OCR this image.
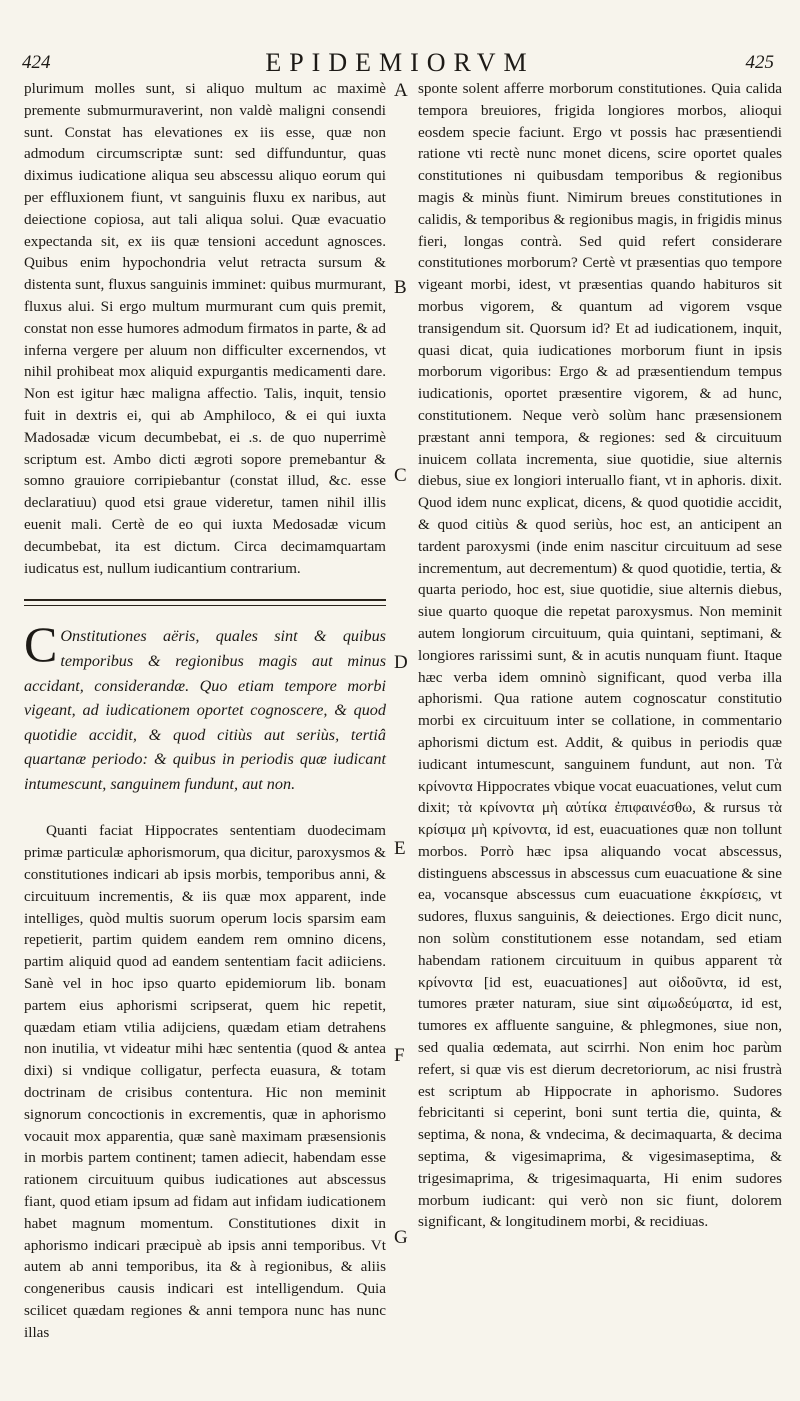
424	EPIDEMIORVM	425

plurimum molles sunt, si aliquo multum ac maximè premente submurmuraverint, non valdè maligni consendi sunt. Constat has elevationes ex iis esse, quæ non admodum circumscriptæ sunt: sed diffunduntur, quas diximus iudicatione aliqua seu abscessu aliquo eorum qui per effluxionem fiunt, vt sanguinis fluxu ex naribus, aut deiectione copiosa, aut tali aliqua solui. Quæ evacuatio expectanda sit, ex iis quæ tensioni accedunt agnosces. Quibus enim hypochondria velut retracta sursum & distenta sunt, fluxus sanguinis imminet: quibus murmurant, fluxus alui. Si ergo multum murmurant cum quis premit, constat non esse humores admodum firmatos in parte, & ad inferna vergere per aluum non difficulter excernendos, vt nihil prohibeat mox aliquid expurgantis medicamenti dare. Non est igitur hæc maligna affectio. Talis, inquit, tensio fuit in dextris ei, qui ab Amphiloco, & ei qui iuxta Madosadæ vicum decumbebat, ei .s. de quo nuperrimè scriptum est. Ambo dicti ægroti sopore premebantur & somno grauiore corripiebantur (constat illud, &c. esse declaratiuu) quod etsi graue videretur, tamen nihil illis euenit mali. Certè de eo qui iuxta Medosadæ vicum decumbebat, ita est dictum. Circa decimamquartam iudicatus est, nullum iudicantium contrarium.

C Onstitutiones aëris, quales sint & quibus temporibus & regionibus magis aut minus accidant, considerandæ. Quo etiam tempore morbi vigeant, ad iudicationem oportet cognoscere, & quod quotidie accidit, & quod citiùs aut seriùs, tertiâ quartanæ periodo: & quibus in periodis quæ iudicant intumescunt, sanguinem fundunt, aut non.

Quanti faciat Hippocrates sententiam duodecimam primæ particulæ aphorismorum, qua dicitur, paroxysmos & constitutiones indicari ab ipsis morbis, temporibus anni, & circuituum incrementis, & iis quæ mox apparent, inde intelliges, quòd multis suorum operum locis sparsim eam repetierit, partim quidem eandem rem omnino dicens, partim aliquid quod ad eandem sententiam facit adiiciens. Sanè vel in hoc ipso quarto epidemiorum lib. bonam partem eius aphorismi scripserat, quem hic repetit, quædam etiam vtilia adijciens, quædam etiam detrahens non inutilia, vt videatur mihi hæc sententia (quod & antea dixi) si vndique colligatur, perfecta euasura, & totam doctrinam de crisibus contentura. Hic non meminit signorum concoctionis in excrementis, quæ in aphorismo vocauit mox apparentia, quæ sanè maximam præsensionis in morbis partem continent; tamen adiecit, habendam esse rationem circuituum quibus iudicationes aut abscessus fiant, quod etiam ipsum ad fidam aut infidam iudicationem habet magnum momentum. Constitutiones dixit in aphorismo indicari præcipuè ab ipsis anni temporibus. Vt autem ab anni temporibus, ita & à regionibus, & aliis congeneribus causis indicari est intelligendum. Quia scilicet quædam regiones & anni tempora nunc has nunc illas

sponte solent afferre morborum constitutiones. Quia calida tempora breuiores, frigida longiores morbos, alioqui eosdem specie faciunt. Ergo vt possis hac præsentiendi ratione vti rectè nunc monet dicens, scire oportet quales constitutiones ni quibusdam temporibus & regionibus magis & minùs fiunt. Nimirum breues constitutiones in calidis, & temporibus & regionibus magis, in frigidis minus fieri, longas contrà. Sed quid refert considerare constitutiones morborum? Certè vt præsentias quo tempore vigeant morbi, idest, vt præsentias quando habituros sit morbus vigorem, & quantum ad vigorem vsque transigendum sit. Quorsum id? Et ad iudicationem, inquit, quasi dicat, quia iudicationes morborum fiunt in ipsis morborum vigoribus: Ergo & ad præsentiendum tempus iudicationis, oportet præsentire vigorem, & ad hunc, constitutionem. Neque verò solùm hanc præsensionem præstant anni tempora, & regiones: sed & circuituum inuicem collata incrementa, siue quotidie, siue alternis diebus, siue ex longiori interuallo fiant, vt in aphoris. dixit. Quod idem nunc explicat, dicens, & quod quotidie accidit, & quod citiùs & quod seriùs, hoc est, an anticipent an tardent paroxysmi (inde enim nascitur circuituum ad sese incrementum, aut decrementum) & quod quotidie, tertia, & quarta periodo, hoc est, siue quotidie, siue alternis diebus, siue quarto quoque die repetat paroxysmus. Non meminit autem longiorum circuituum, quia quintani, septimani, & longiores rarissimi sunt, & in acutis nunquam fiunt. Itaque hæc verba idem omninò significant, quod verba illa aphorismi. Qua ratione autem cognoscatur constitutio morbi ex circuituum inter se collatione, in commentario aphorismi dictum est. Addit, & quibus in periodis quæ iudicant intumescunt, sanguinem fundunt, aut non. Τὰ κρίνοντα Hippocrates vbique vocat euacuationes, velut cum dixit; τὰ κρίνοντα μὴ αὐτίκα ἐπιφαινέσθω, & rursus τὰ κρίσιμα μὴ κρίνοντα, id est, euacuationes quæ non tollunt morbos. Porrò hæc ipsa aliquando vocat abscessus, distinguens abscessus in abscessus cum euacuatione & sine ea, vocansque abscessus cum euacuatione ἐκκρίσεις, vt sudores, fluxus sanguinis, & deiectiones. Ergo dicit nunc, non solùm constitutionem esse notandam, sed etiam habendam rationem circuituum in quibus apparent τὰ κρίνοντα [id est, euacuationes] aut οἰδοῦντα, id est, tumores præter naturam, siue sint αἱμωδεύματα, id est, tumores ex affluente sanguine, & phlegmones, siue non, sed qualia œdemata, aut scirrhi. Non enim hoc parùm refert, si quæ vis est dierum decretoriorum, ac nisi frustrà est scriptum ab Hippocrate in aphorismo. Sudores febricitanti si ceperint, boni sunt tertia die, quinta, & septima, & nona, & vndecima, & decimaquarta, & decima septima, & vigesimaprima, & vigesimaseptima, & trigesimaprima, & trigesimaquarta, Hi enim sudores morbum iudicant: qui verò non sic fiunt, dolorem significant, & longitudinem morbi, & recidiuas.

A
B
C
D
E
F
G
